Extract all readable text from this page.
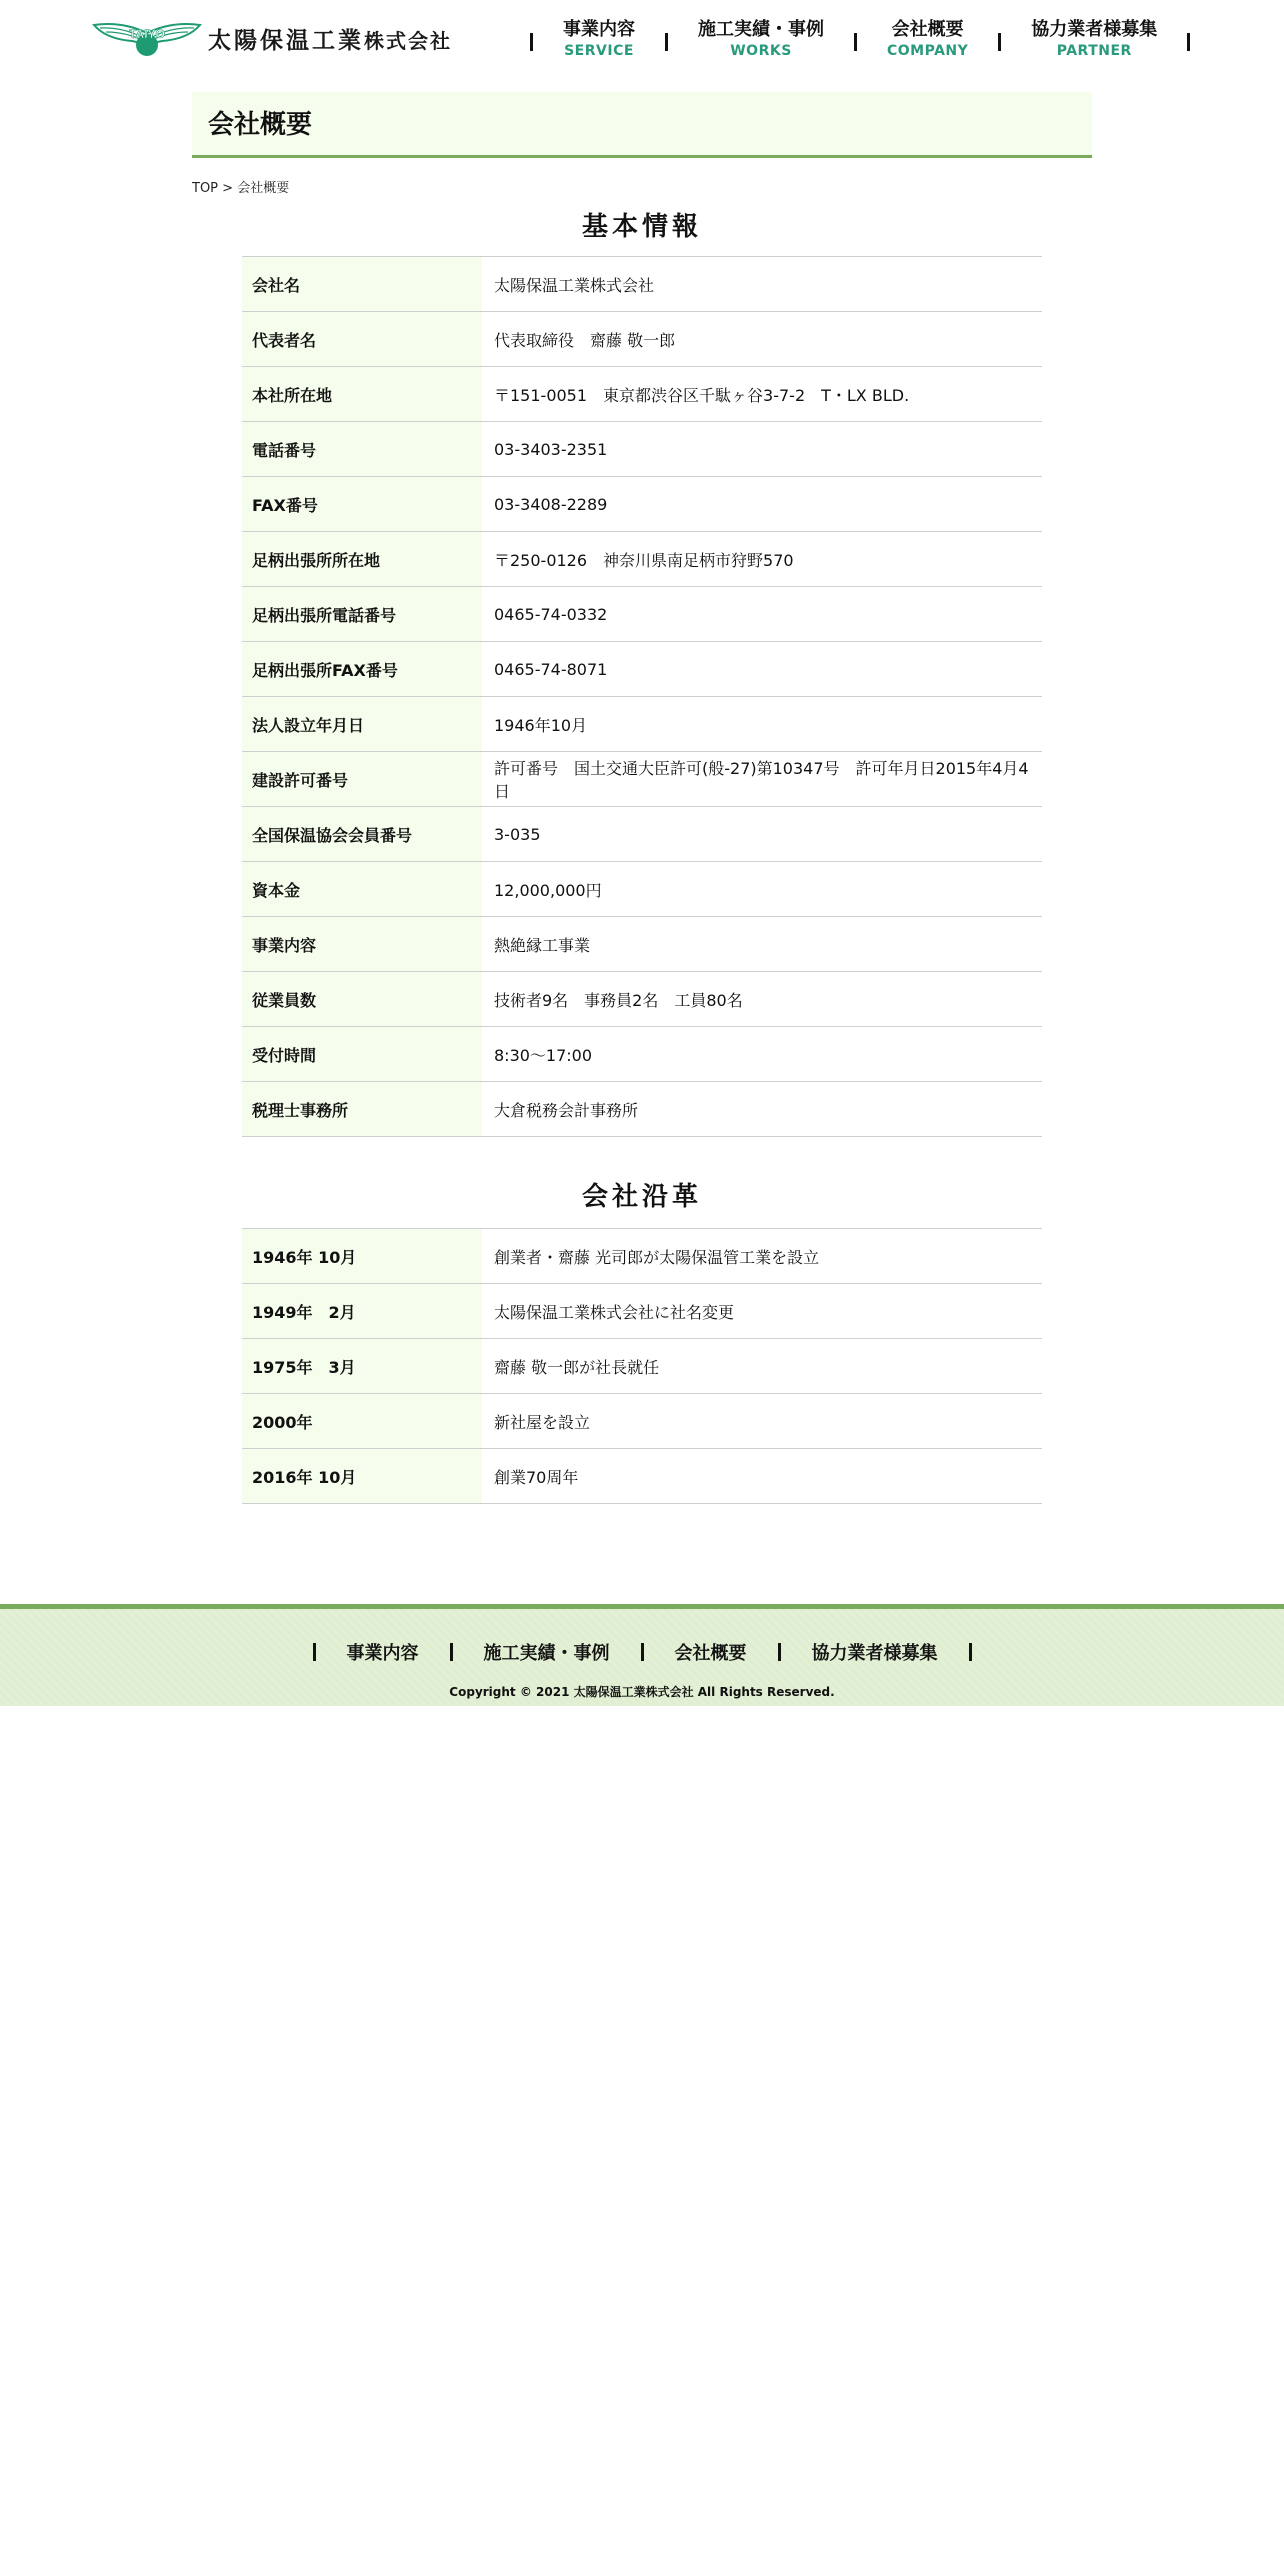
TAIYO 太陽保温工業株式会社	事業内容
SERVICE
施工実績・事例
WORKS
会社概要
COMPANY
協力業者様募集
PARTNER
会社概要
TOP > 会社概要
基本情報
会社名	太陽保温工業株式会社
代表者名	代表取締役　齋藤 敬一郎
本社所在地	〒151-0051　東京都渋谷区千駄ヶ谷3-7-2　T・LX BLD.
電話番号	03-3403-2351
FAX番号	03-3408-2289
足柄出張所所在地	〒250-0126　神奈川県南足柄市狩野570
足柄出張所電話番号	0465-74-0332
足柄出張所FAX番号	0465-74-8071
法人設立年月日	1946年10月
建設許可番号	許可番号　国土交通大臣許可(般-27)第10347号　許可年月日2015年4月4日
全国保温協会会員番号	3-035
資本金	12,000,000円
事業内容	熱絶縁工事業
従業員数	技術者9名　事務員2名　工員80名
受付時間	8:30～17:00
税理士事務所	大倉税務会計事務所
会社沿革
1946年 10月	創業者・齋藤 光司郎が太陽保温管工業を設立
1949年　2月	太陽保温工業株式会社に社名変更
1975年　3月	齋藤 敬一郎が社長就任
2000年	新社屋を設立
2016年 10月	創業70周年
事業内容	施工実績・事例	会社概要	協力業者様募集
Copyright © 2021 太陽保温工業株式会社 All Rights Reserved.
